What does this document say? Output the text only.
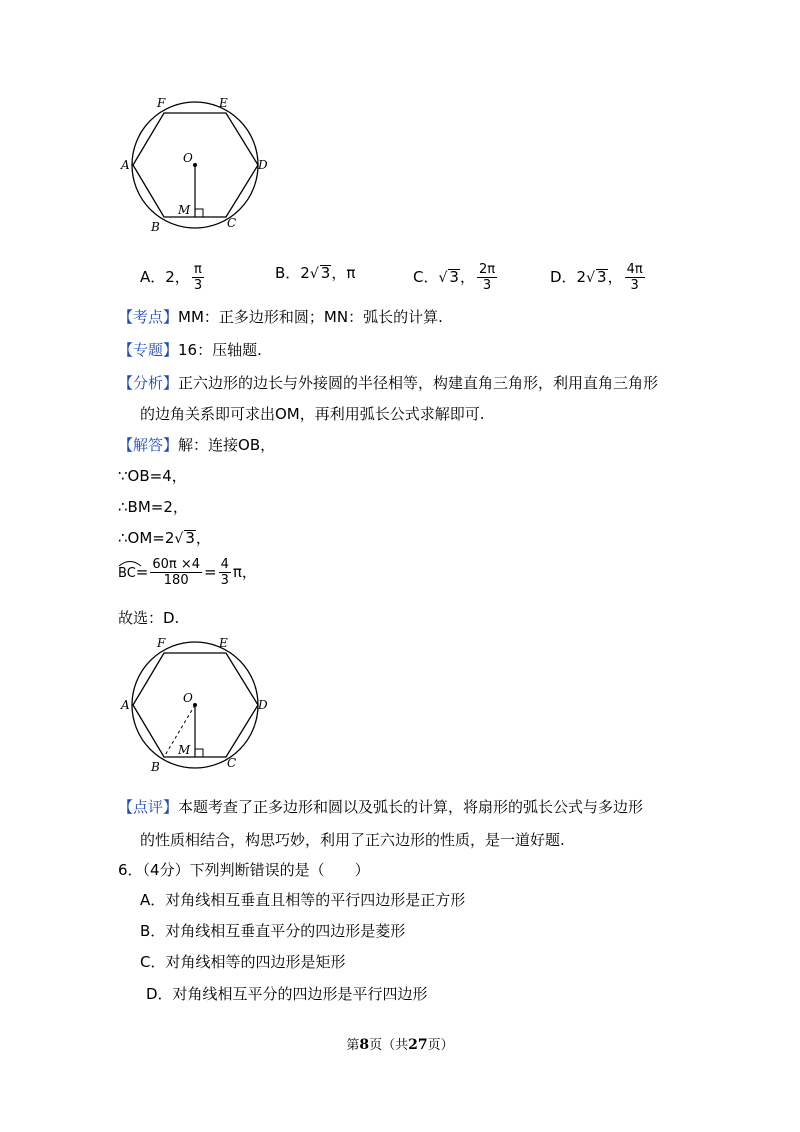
F	E
A	D
O
M
B	C
A．2， $\frac{\pi}{3}$	B．2√ 3，π	C．√ 3， $\frac{2\pi}{3}$	D．2√ 3， $\frac{4\pi}{3}$
【考点】MM：正多边形和圆；MN：弧长的计算.
【专题】16：压轴题.
【分析】正六边形的边长与外接圆的半径相等，构建直角三角形，利用直角三角形
的边角关系即可求出OM，再利用弧长公式求解即可.
【解答】解：连接OB，
∵OB=4，
∴BM=2，
∴OM=2√ 3，
$BC= \frac{60\pi \times 4}{180} = \frac{4}{3}$ π，
故选：D.
F	E
A	D
O
M
B	C
【点评】本题考查了正多边形和圆以及弧长的计算，将扇形的弧长公式与多边形
的性质相结合，构思巧妙，利用了正六边形的性质，是一道好题.
6．（4分）下列判断错误的是（　　）
A．对角线相互垂直且相等的平行四边形是正方形
B．对角线相互垂直平分的四边形是菱形
C．对角线相等的四边形是矩形
D．对角线相互平分的四边形是平行四边形
第8页（共27页）
